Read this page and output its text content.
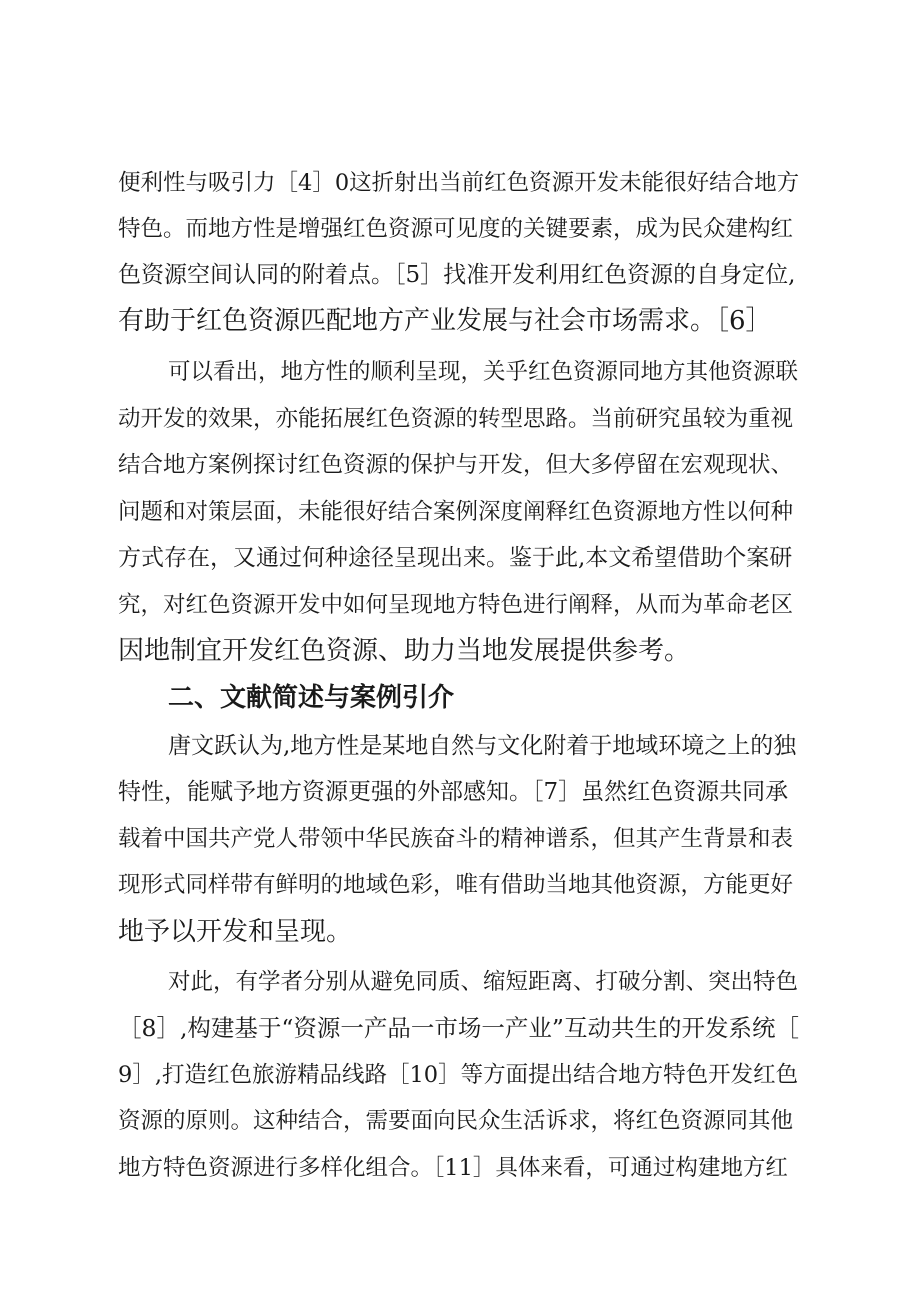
便利性与吸引力［4］0这折射出当前红色资源开发未能很好结合地方
特色。而地方性是增强红色资源可见度的关键要素，成为民众建构红
色资源空间认同的附着点。［5］找准开发利用红色资源的自身定位,
有助于红色资源匹配地方产业发展与社会市场需求。［6］
可以看出，地方性的顺利呈现，关乎红色资源同地方其他资源联
动开发的效果，亦能拓展红色资源的转型思路。当前研究虽较为重视
结合地方案例探讨红色资源的保护与开发，但大多停留在宏观现状、
问题和对策层面，未能很好结合案例深度阐释红色资源地方性以何种
方式存在，又通过何种途径呈现出来。鉴于此,本文希望借助个案研
究，对红色资源开发中如何呈现地方特色进行阐释，从而为革命老区
因地制宜开发红色资源、助力当地发展提供参考。
二、文献简述与案例引介
唐文跃认为,地方性是某地自然与文化附着于地域环境之上的独
特性，能赋予地方资源更强的外部感知。［7］虽然红色资源共同承
载着中国共产党人带领中华民族奋斗的精神谱系，但其产生背景和表
现形式同样带有鲜明的地域色彩，唯有借助当地其他资源，方能更好
地予以开发和呈现。
对此，有学者分别从避免同质、缩短距离、打破分割、突出特色
［8］,构建基于“资源一产品一市场一产业”互动共生的开发系统［
9］,打造红色旅游精品线路［10］等方面提出结合地方特色开发红色
资源的原则。这种结合，需要面向民众生活诉求，将红色资源同其他
地方特色资源进行多样化组合。［11］具体来看，可通过构建地方红
